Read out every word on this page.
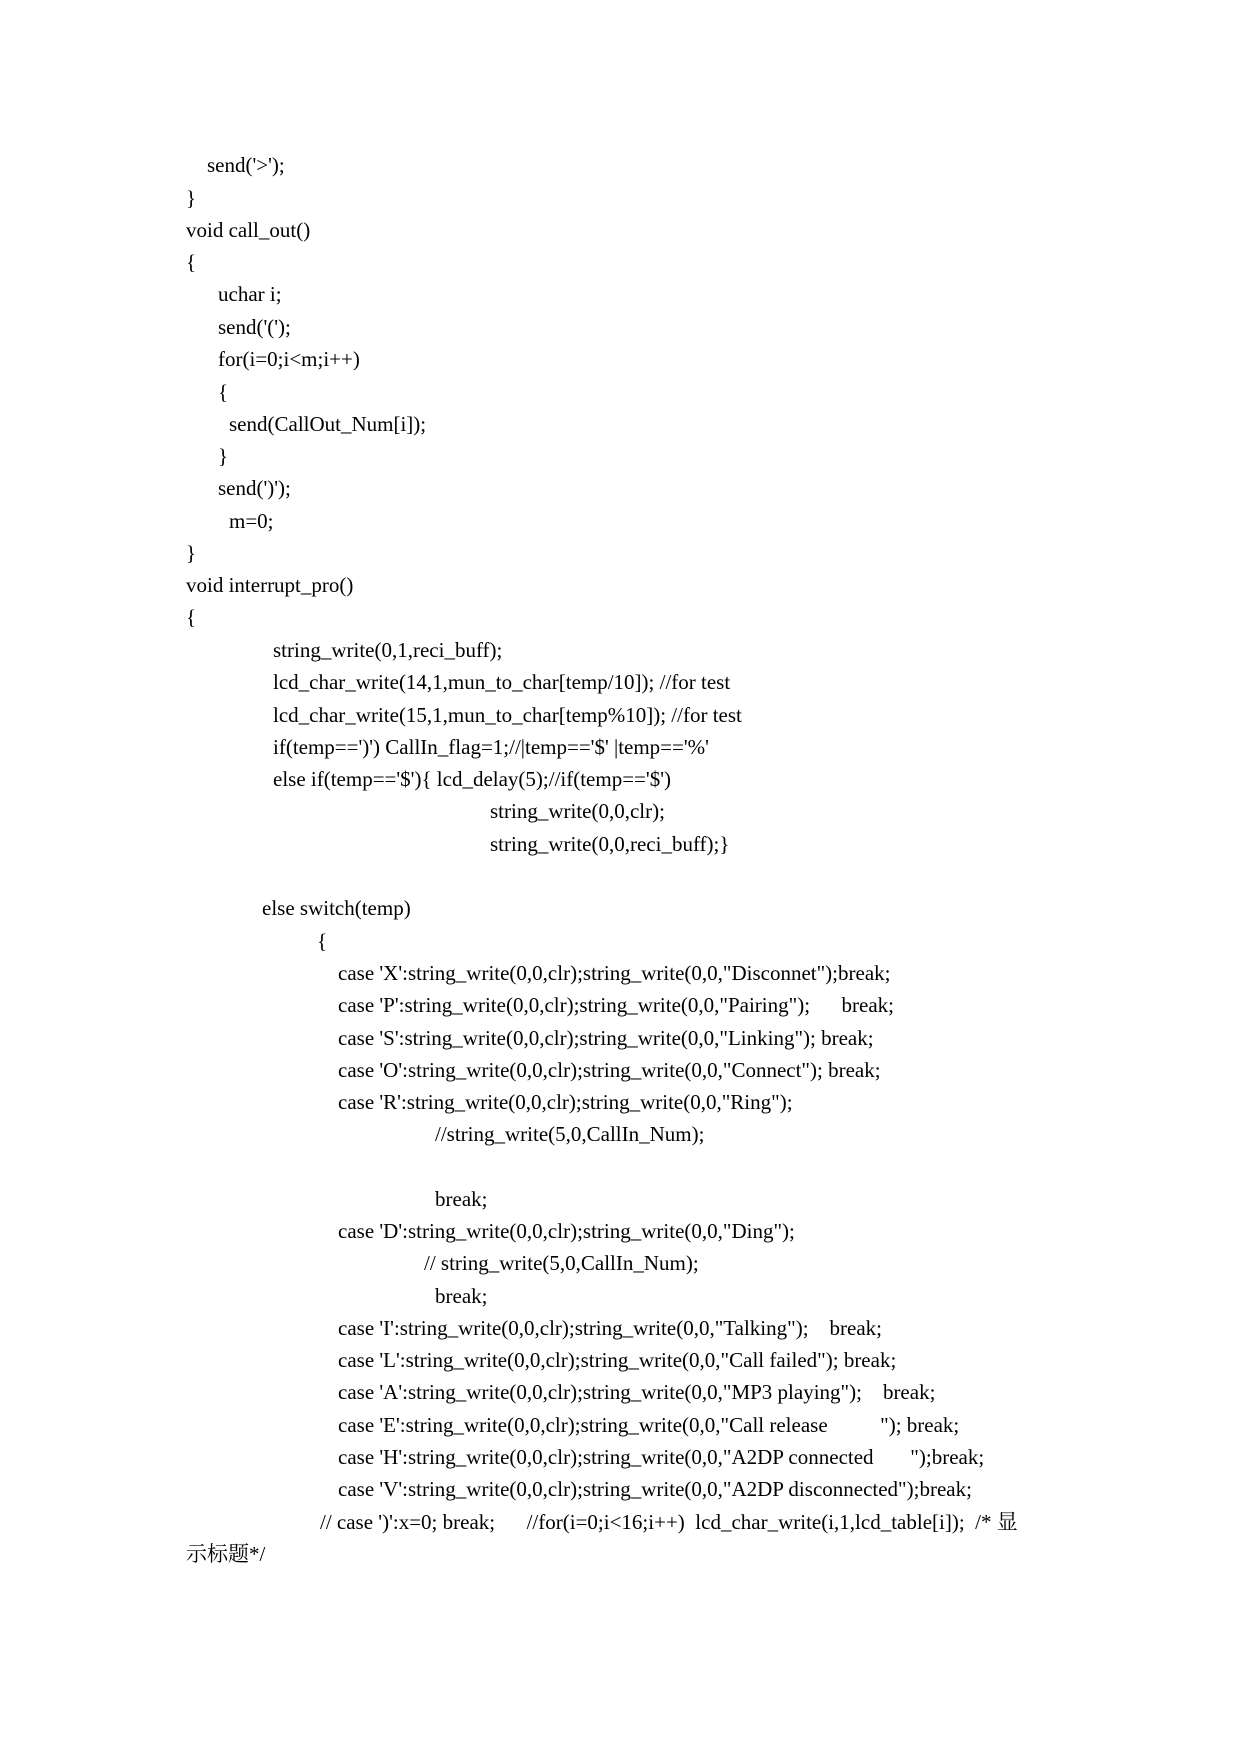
send('>');
}
void call_out()
{
uchar i;
send('(');
for(i=0;i<m;i++)
{
send(CallOut_Num[i]);
}
send(')');
m=0;
}
void interrupt_pro()
{
string_write(0,1,reci_buff);
lcd_char_write(14,1,mun_to_char[temp/10]); //for test
lcd_char_write(15,1,mun_to_char[temp%10]); //for test
if(temp==')') CallIn_flag=1;//|temp=='$' |temp=='%'
else if(temp=='$'){ lcd_delay(5);//if(temp=='$')
string_write(0,0,clr);
string_write(0,0,reci_buff);}
else switch(temp)
{
case 'X':string_write(0,0,clr);string_write(0,0,"Disconnet");break;
case 'P':string_write(0,0,clr);string_write(0,0,"Pairing");      break;
case 'S':string_write(0,0,clr);string_write(0,0,"Linking"); break;
case 'O':string_write(0,0,clr);string_write(0,0,"Connect"); break;
case 'R':string_write(0,0,clr);string_write(0,0,"Ring");
//string_write(5,0,CallIn_Num);
break;
case 'D':string_write(0,0,clr);string_write(0,0,"Ding");
// string_write(5,0,CallIn_Num);
break;
case 'I':string_write(0,0,clr);string_write(0,0,"Talking");    break;
case 'L':string_write(0,0,clr);string_write(0,0,"Call failed"); break;
case 'A':string_write(0,0,clr);string_write(0,0,"MP3 playing");    break;
case 'E':string_write(0,0,clr);string_write(0,0,"Call release          "); break;
case 'H':string_write(0,0,clr);string_write(0,0,"A2DP connected       ");break;
case 'V':string_write(0,0,clr);string_write(0,0,"A2DP disconnected");break;
// case ')':x=0; break;      //for(i=0;i<16;i++)  lcd_char_write(i,1,lcd_table[i]);  /* 显
示标题*/
